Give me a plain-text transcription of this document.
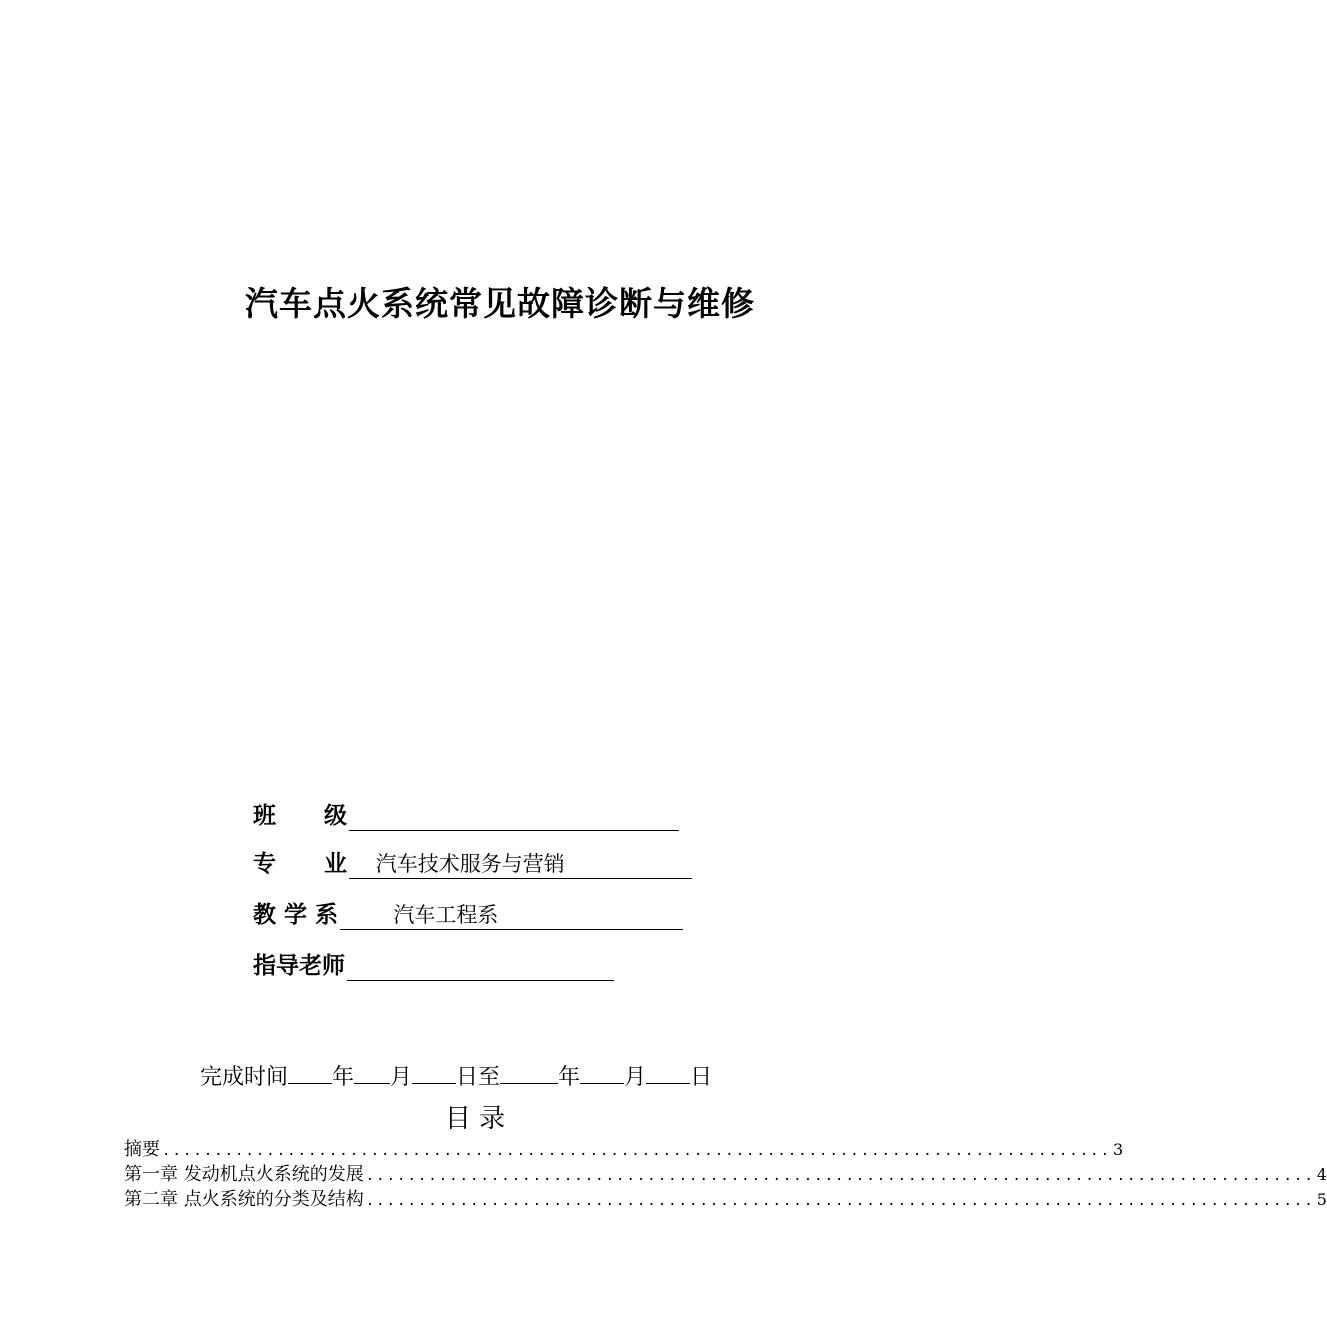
汽车点火系统常见故障诊断与维修
班      级
专      业 汽车技术服务与营销
教 学 系 汽车工程系
指导老师
完成时间 年 月 日至	年 月 日
目 录
摘要 ........................................................................................... 3
第一章 发动机点火系统的发展 ........................................................................................... 4
第二章 点火系统的分类及结构 ........................................................................................... 5
